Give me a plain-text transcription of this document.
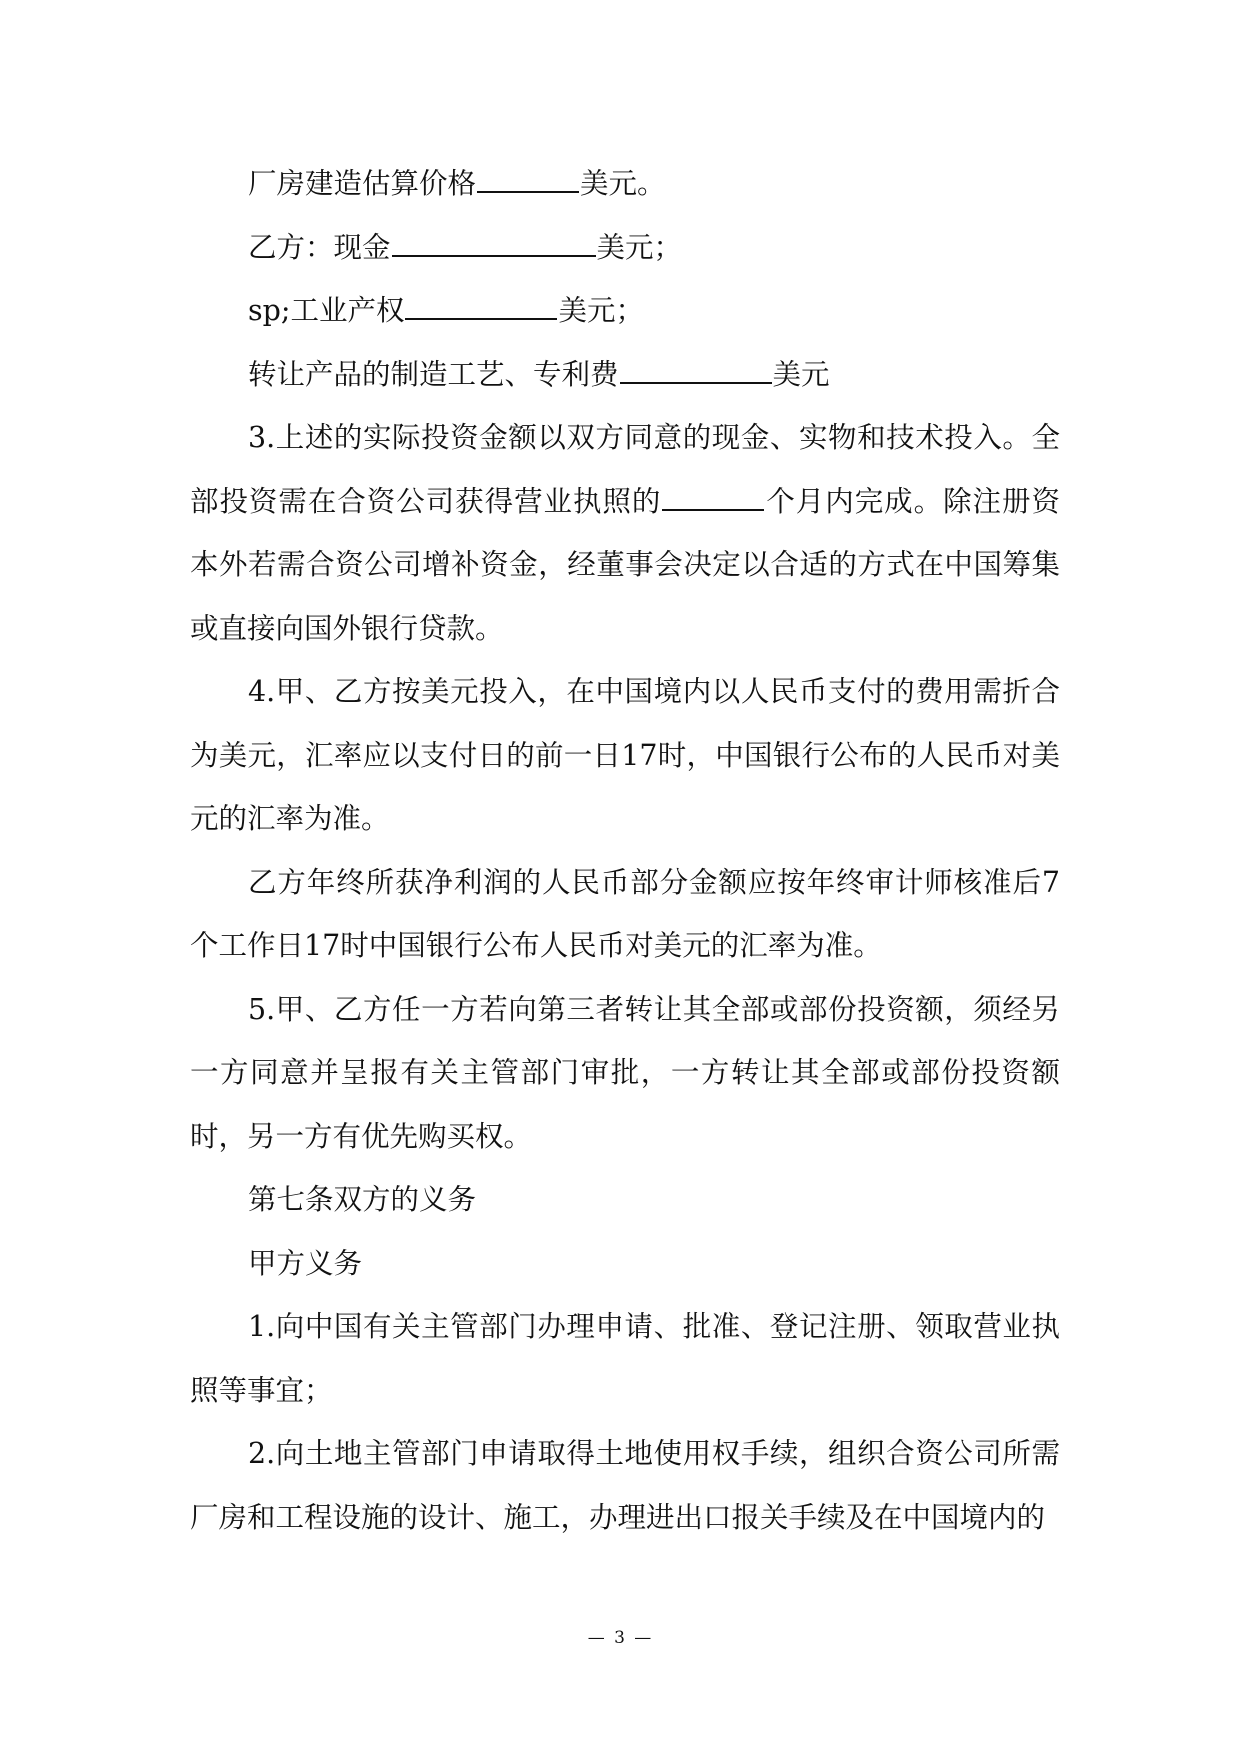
厂房建造估算价格	美元。

乙方：现金	美元；

sp;工业产权	美元；

转让产品的制造工艺、专利费	美元

3.上述的实际投资金额以双方同意的现金、实物和技术投入。全部投资需在合资公司获得营业执照的	个月内完成。除注册资本外若需合资公司增补资金，经董事会决定以合适的方式在中国筹集或直接向国外银行贷款。

4.甲、乙方按美元投入，在中国境内以人民币支付的费用需折合为美元，汇率应以支付日的前一日17时，中国银行公布的人民币对美元的汇率为准。

乙方年终所获净利润的人民币部分金额应按年终审计师核准后7个工作日17时中国银行公布人民币对美元的汇率为准。

5.甲、乙方任一方若向第三者转让其全部或部份投资额，须经另一方同意并呈报有关主管部门审批，一方转让其全部或部份投资额时，另一方有优先购买权。

第七条双方的义务

甲方义务

1.向中国有关主管部门办理申请、批准、登记注册、领取营业执照等事宜；

2.向土地主管部门申请取得土地使用权手续，组织合资公司所需厂房和工程设施的设计、施工，办理进出口报关手续及在中国境内的

— 3 —
